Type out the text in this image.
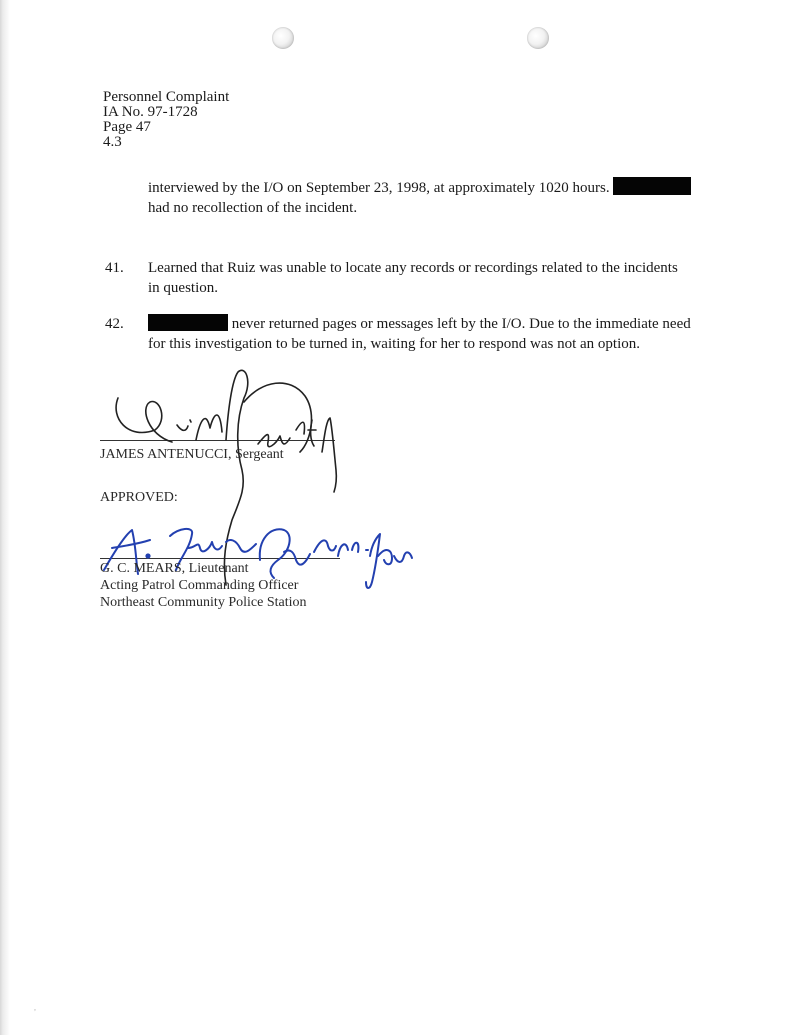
Personnel Complaint
IA No. 97-1728
Page 47
4.3
interviewed by the I/O on September 23, 1998, at approximately 1020 hours.
had no recollection of the incident.
41. Learned that Ruiz was unable to locate any records or recordings related to the incidents
in question.
42.	never returned pages or messages left by the I/O. Due to the immediate need
for this investigation to be turned in, waiting for her to respond was not an option.
JAMES ANTENUCCI, Sergeant
APPROVED:
G. C. MEARS, Lieutenant
Acting Patrol Commanding Officer
Northeast Community Police Station
,
